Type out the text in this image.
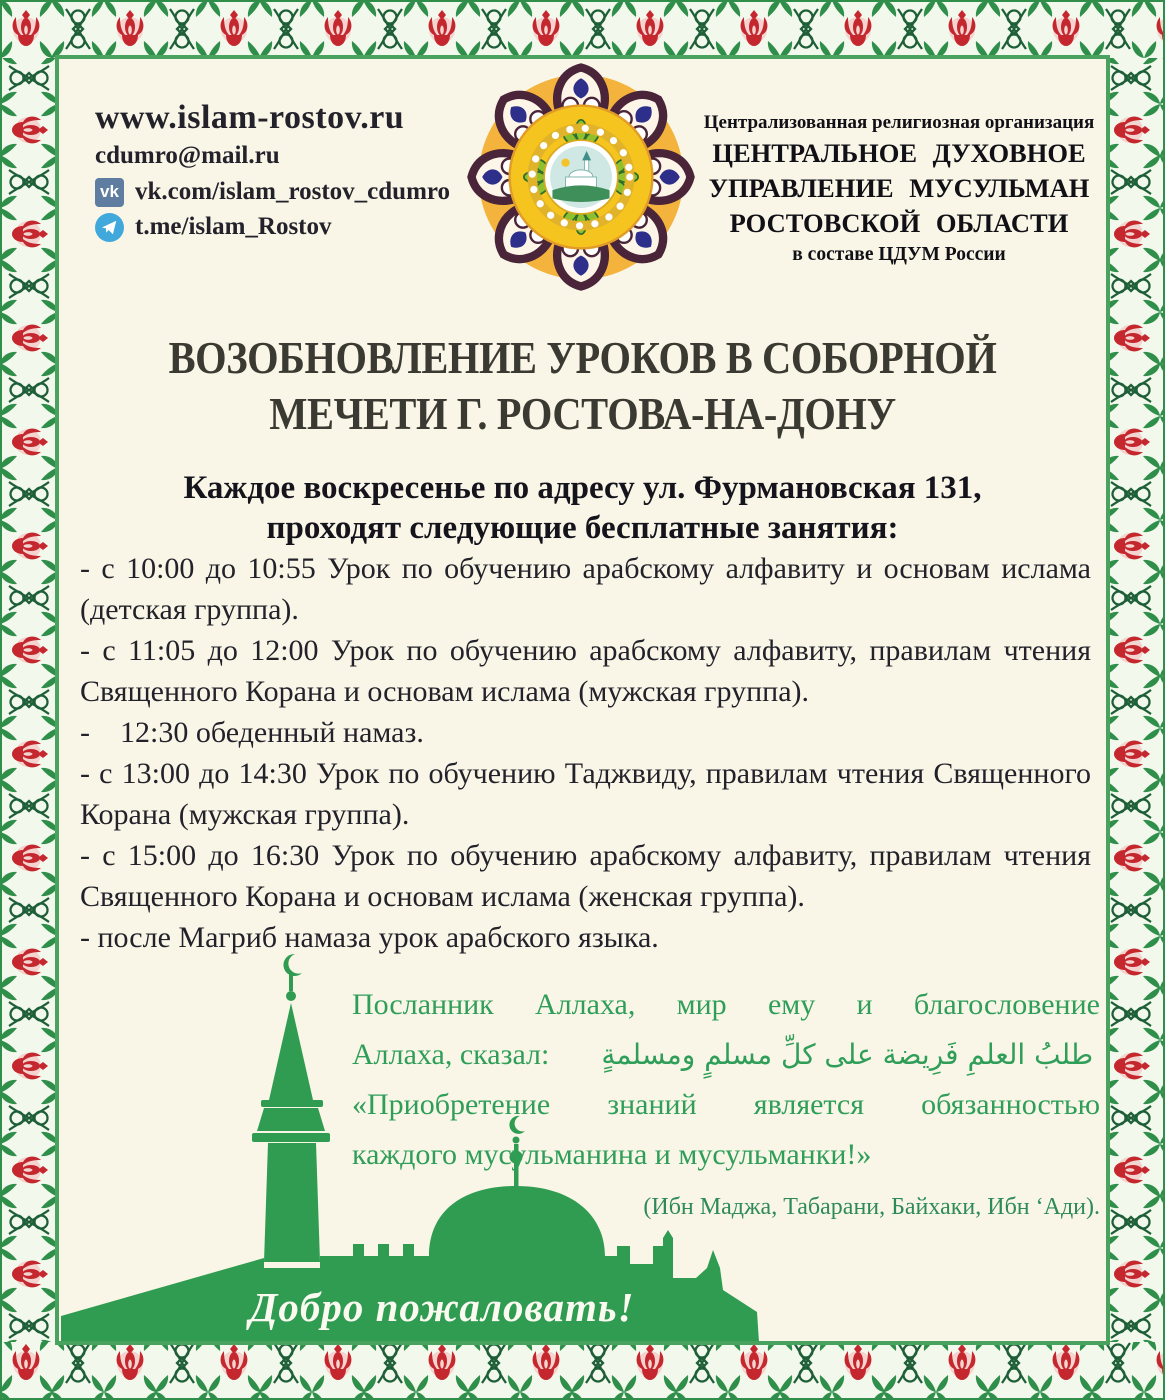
www.islam-rostov.ru
cdumro@mail.ru
vk vk.com/islam_rostov_cdumro
t.me/islam_Rostov
Централизованная религиозная организация
ЦЕНТРАЛЬНОЕ ДУХОВНОЕ
УПРАВЛЕНИЕ МУСУЛЬМАН
РОСТОВСКОЙ ОБЛАСТИ
в составе ЦДУМ России
ВОЗОБНОВЛЕНИЕ УРОКОВ В СОБОРНОЙ
МЕЧЕТИ Г. РОСТОВА-НА-ДОНУ
Каждое воскресенье по адресу ул. Фурмановская 131,
проходят следующие бесплатные занятия:

- с 10:00 до 10:55 Урок по обучению арабскому алфавиту и основам ислама (детская группа).

- с 11:05 до 12:00 Урок по обучению арабскому алфавиту, правилам чтения Священного Корана и основам ислама (мужская группа).

-    12:30 обеденный намаз.

- с 13:00 до 14:30 Урок по обучению Таджвиду, правилам чтения Священного Корана (мужская группа).

- с 15:00 до 16:30 Урок по обучению арабскому алфавиту, правилам чтения Священного Корана и основам ислама (женская группа).

- после Магриб намаза урок арабского языка.

Посланник Аллаха, мир ему и благословение
Аллаха, сказал: طلبُ العلمِ فَرِيضة على كلِّ مسلمٍ ومسلمةٍ
«Приобретение знаний является обязанностью
каждого мусульманина и мусульманки!»
(Ибн Маджа, Табарани, Байхаки, Ибн ‘Ади).
Добро пожаловать!
